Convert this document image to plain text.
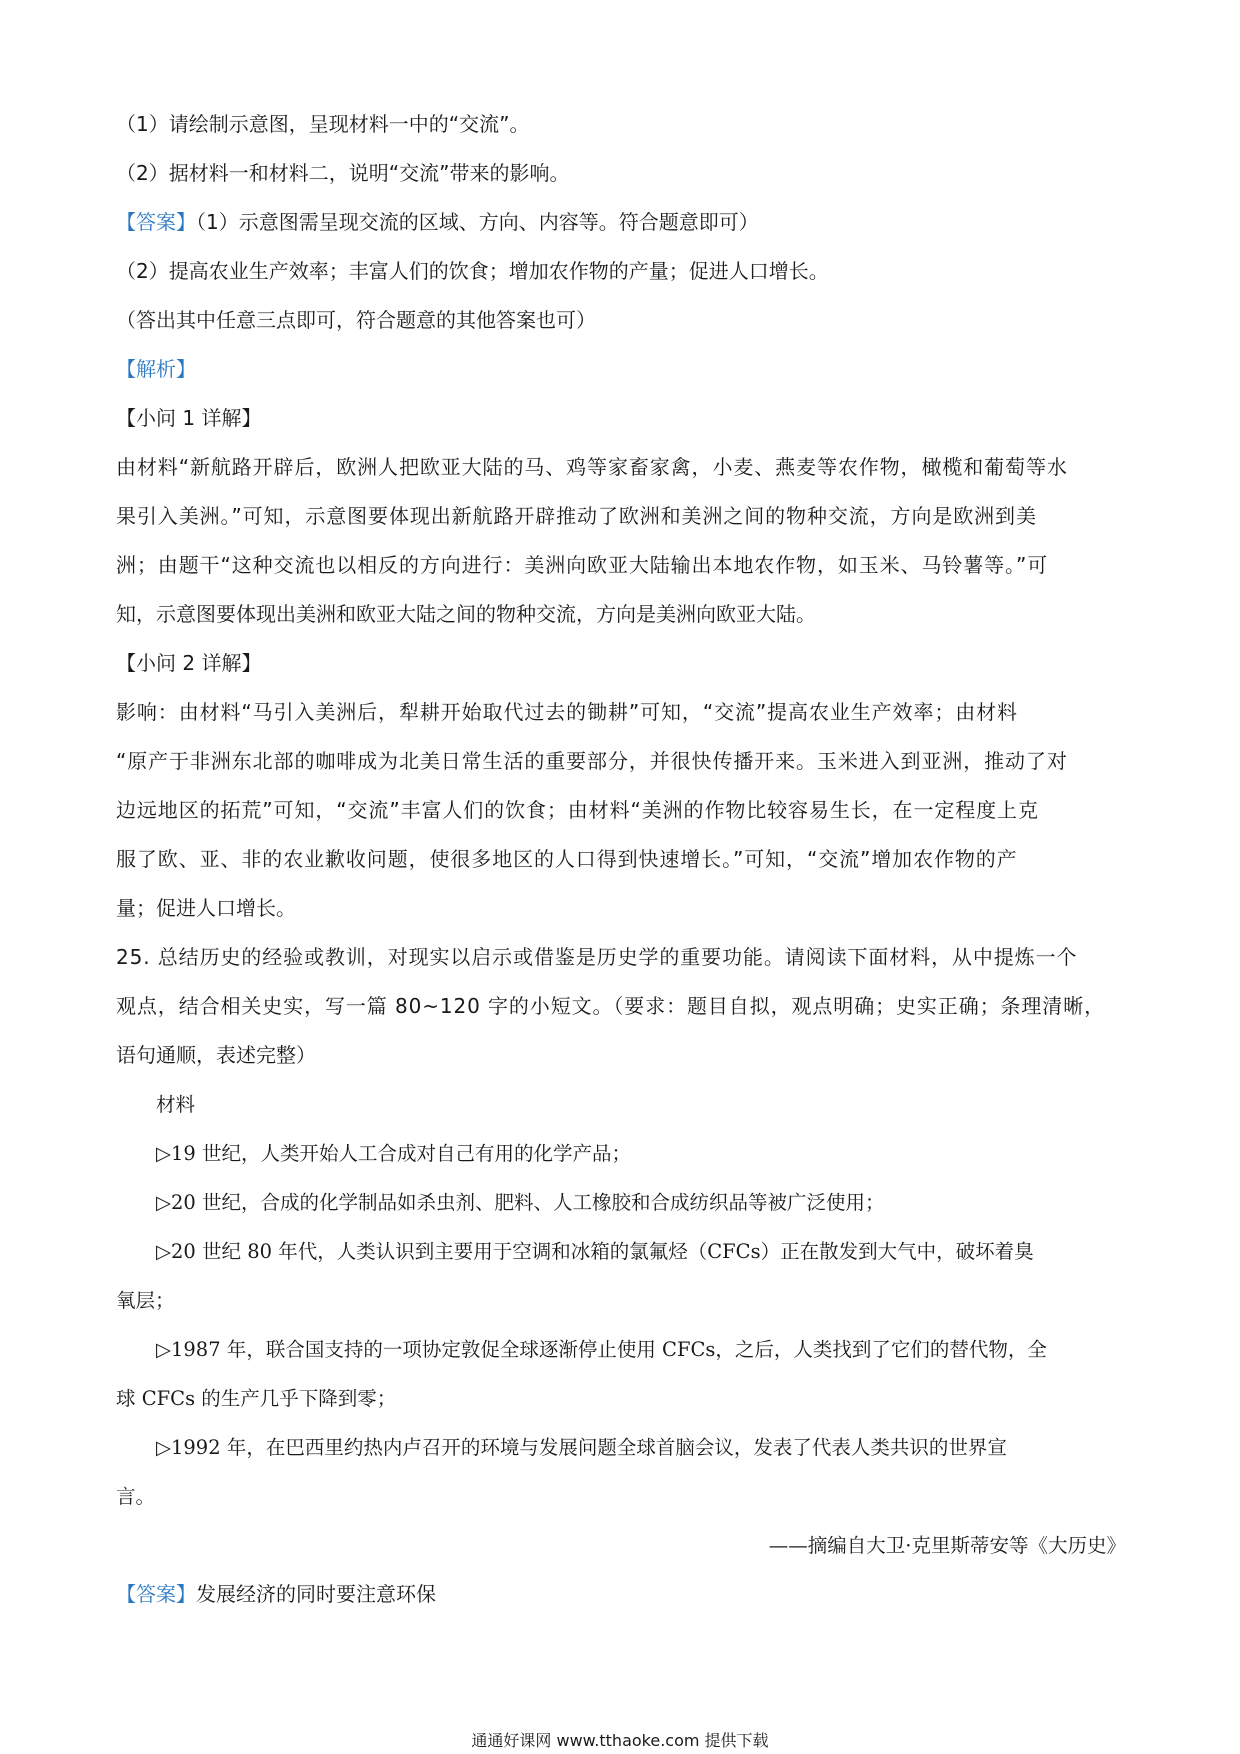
（1）请绘制示意图，呈现材料一中的“交流”。
（2）据材料一和材料二，说明“交流”带来的影响。
【答案】（1）示意图需呈现交流的区域、方向、内容等。符合题意即可）
（2）提高农业生产效率；丰富人们的饮食；增加农作物的产量；促进人口增长。
（答出其中任意三点即可，符合题意的其他答案也可）
【解析】
【小问 1 详解】
由材料“新航路开辟后，欧洲人把欧亚大陆的马、鸡等家畜家禽，小麦、燕麦等农作物，橄榄和葡萄等水
果引入美洲。”可知，示意图要体现出新航路开辟推动了欧洲和美洲之间的物种交流，方向是欧洲到美
洲；由题干“这种交流也以相反的方向进行：美洲向欧亚大陆输出本地农作物，如玉米、马铃薯等。”可
知，示意图要体现出美洲和欧亚大陆之间的物种交流，方向是美洲向欧亚大陆。
【小问 2 详解】
影响：由材料“马引入美洲后，犁耕开始取代过去的锄耕”可知，“交流”提高农业生产效率；由材料
“原产于非洲东北部的咖啡成为北美日常生活的重要部分，并很快传播开来。玉米进入到亚洲，推动了对
边远地区的拓荒”可知，“交流”丰富人们的饮食；由材料“美洲的作物比较容易生长，在一定程度上克
服了欧、亚、非的农业歉收问题，使很多地区的人口得到快速增长。”可知，“交流”增加农作物的产
量；促进人口增长。
25. 总结历史的经验或教训，对现实以启示或借鉴是历史学的重要功能。请阅读下面材料，从中提炼一个
观点，结合相关史实，写一篇 80~120 字的小短文。（要求：题目自拟，观点明确；史实正确；条理清晰，
语句通顺，表述完整）
材料
▷19 世纪，人类开始人工合成对自己有用的化学产品；
▷20 世纪，合成的化学制品如杀虫剂、肥料、人工橡胶和合成纺织品等被广泛使用；
▷20 世纪 80 年代，人类认识到主要用于空调和冰箱的氯氟烃（CFCs）正在散发到大气中，破坏着臭
氧层；
▷1987 年，联合国支持的一项协定敦促全球逐渐停止使用 CFCs，之后，人类找到了它们的替代物，全
球 CFCs 的生产几乎下降到零；
▷1992 年，在巴西里约热内卢召开的环境与发展问题全球首脑会议，发表了代表人类共识的世界宣
言。
——摘编自大卫·克里斯蒂安等《大历史》
【答案】发展经济的同时要注意环保
通通好课网 www.tthaoke.com 提供下载
